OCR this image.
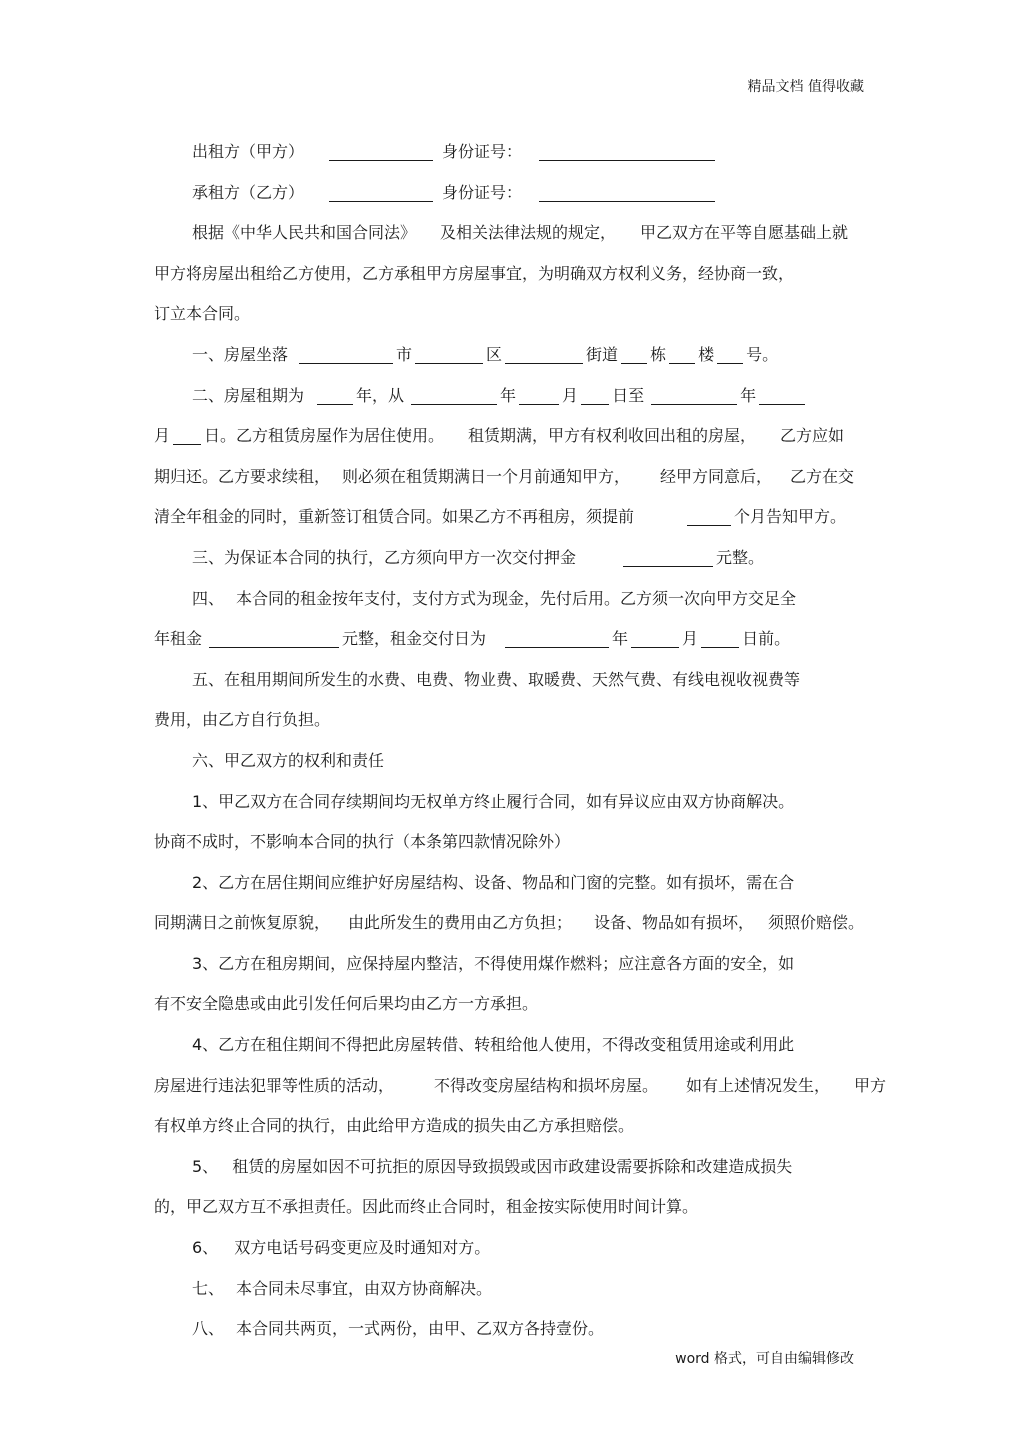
精品文档 值得收藏
出租方（甲方）	身份证号：
承租方（乙方）	身份证号：
根据《中华人民共和国合同法》 及相关法律法规的规定， 甲乙双方在平等自愿基础上就
甲方将房屋出租给乙方使用，乙方承租甲方房屋事宜，为明确双方权利义务，经协商一致，
订立本合同。
一、房屋坐落	市	区	街道 栋 楼 号。
二、房屋租期为	年，从	年	月 日至	年
月 日。乙方租赁房屋作为居住使用。 租赁期满，甲方有权利收回出租的房屋， 乙方应如
期归还。乙方要求续租， 则必须在租赁期满日一个月前通知甲方， 经甲方同意后， 乙方在交
清全年租金的同时，重新签订租赁合同。如果乙方不再租房，须提前	个月告知甲方。
三、为保证本合同的执行，乙方须向甲方一次交付押金	元整。
四、 本合同的租金按年支付，支付方式为现金，先付后用。乙方须一次向甲方交足全
年租金	元整，租金交付日为	年	月	日前。
五、在租用期间所发生的水费、电费、物业费、取暖费、天然气费、有线电视收视费等
费用，由乙方自行负担。
六、甲乙双方的权利和责任
1、甲乙双方在合同存续期间均无权单方终止履行合同，如有异议应由双方协商解决。
协商不成时，不影响本合同的执行（本条第四款情况除外）
2、乙方在居住期间应维护好房屋结构、设备、物品和门窗的完整。如有损坏，需在合
同期满日之前恢复原貌， 由此所发生的费用由乙方负担； 设备、物品如有损坏， 须照价赔偿。
3、乙方在租房期间，应保持屋内整洁，不得使用煤作燃料；应注意各方面的安全，如
有不安全隐患或由此引发任何后果均由乙方一方承担。
4、乙方在租住期间不得把此房屋转借、转租给他人使用，不得改变租赁用途或利用此
房屋进行违法犯罪等性质的活动，	不得改变房屋结构和损坏房屋。 如有上述情况发生， 甲方
有权单方终止合同的执行，由此给甲方造成的损失由乙方承担赔偿。
5、 租赁的房屋如因不可抗拒的原因导致损毁或因市政建设需要拆除和改建造成损失
的，甲乙双方互不承担责任。因此而终止合同时，租金按实际使用时间计算。
6、 双方电话号码变更应及时通知对方。
七、 本合同未尽事宜，由双方协商解决。
八、 本合同共两页，一式两份，由甲、乙双方各持壹份。
word 格式，可自由编辑修改
